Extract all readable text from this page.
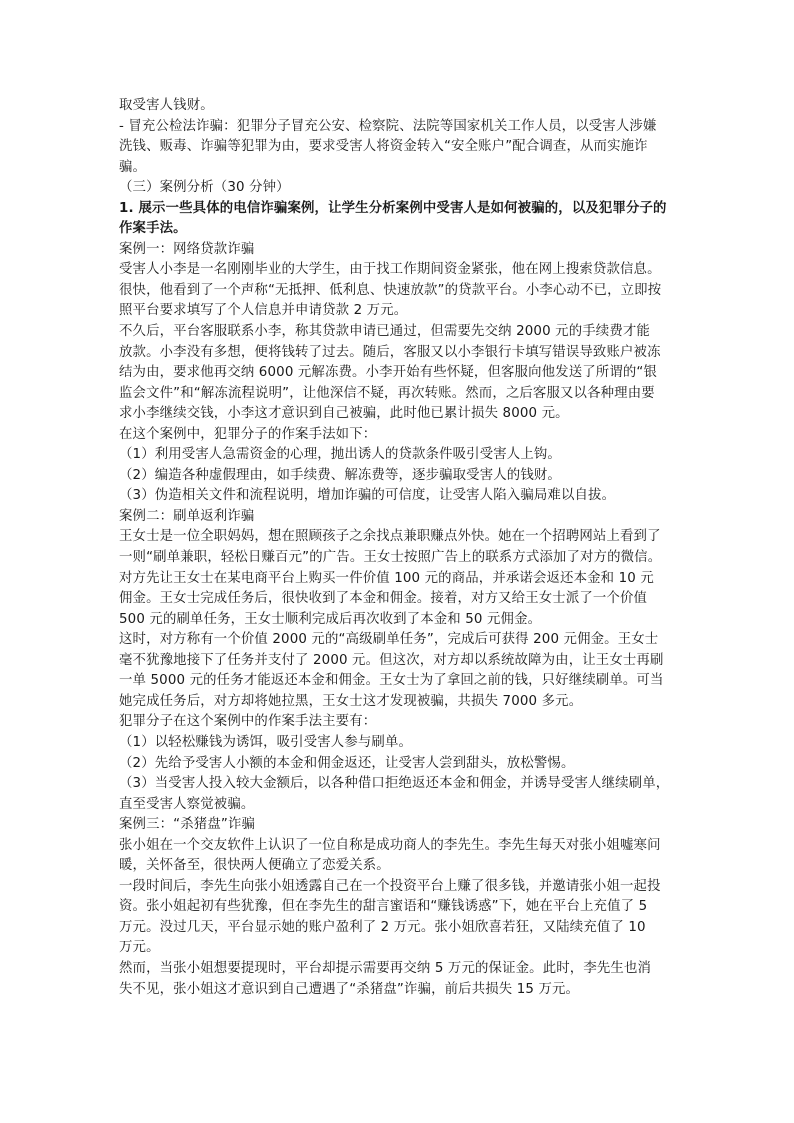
取受害人钱财。
- 冒充公检法诈骗：犯罪分子冒充公安、检察院、法院等国家机关工作人员，以受害人涉嫌
洗钱、贩毒、诈骗等犯罪为由，要求受害人将资金转入“安全账户”配合调查，从而实施诈
骗。
（三）案例分析（30 分钟）
1. 展示一些具体的电信诈骗案例，让学生分析案例中受害人是如何被骗的，以及犯罪分子的
作案手法。
案例一：网络贷款诈骗
受害人小李是一名刚刚毕业的大学生，由于找工作期间资金紧张，他在网上搜索贷款信息。
很快，他看到了一个声称“无抵押、低利息、快速放款”的贷款平台。小李心动不已，立即按
照平台要求填写了个人信息并申请贷款 2 万元。
不久后，平台客服联系小李，称其贷款申请已通过，但需要先交纳 2000 元的手续费才能
放款。小李没有多想，便将钱转了过去。随后，客服又以小李银行卡填写错误导致账户被冻
结为由，要求他再交纳 6000 元解冻费。小李开始有些怀疑，但客服向他发送了所谓的“银
监会文件”和“解冻流程说明”，让他深信不疑，再次转账。然而，之后客服又以各种理由要
求小李继续交钱，小李这才意识到自己被骗，此时他已累计损失 8000 元。
在这个案例中，犯罪分子的作案手法如下：
（1）利用受害人急需资金的心理，抛出诱人的贷款条件吸引受害人上钩。
（2）编造各种虚假理由，如手续费、解冻费等，逐步骗取受害人的钱财。
（3）伪造相关文件和流程说明，增加诈骗的可信度，让受害人陷入骗局难以自拔。
案例二：刷单返利诈骗
王女士是一位全职妈妈，想在照顾孩子之余找点兼职赚点外快。她在一个招聘网站上看到了
一则“刷单兼职，轻松日赚百元”的广告。王女士按照广告上的联系方式添加了对方的微信。
对方先让王女士在某电商平台上购买一件价值 100 元的商品，并承诺会返还本金和 10 元
佣金。王女士完成任务后，很快收到了本金和佣金。接着，对方又给王女士派了一个价值
500 元的刷单任务，王女士顺利完成后再次收到了本金和 50 元佣金。
这时，对方称有一个价值 2000 元的“高级刷单任务”，完成后可获得 200 元佣金。王女士
毫不犹豫地接下了任务并支付了 2000 元。但这次，对方却以系统故障为由，让王女士再刷
一单 5000 元的任务才能返还本金和佣金。王女士为了拿回之前的钱，只好继续刷单。可当
她完成任务后，对方却将她拉黑，王女士这才发现被骗，共损失 7000 多元。
犯罪分子在这个案例中的作案手法主要有：
（1）以轻松赚钱为诱饵，吸引受害人参与刷单。
（2）先给予受害人小额的本金和佣金返还，让受害人尝到甜头，放松警惕。
（3）当受害人投入较大金额后，以各种借口拒绝返还本金和佣金，并诱导受害人继续刷单，
直至受害人察觉被骗。
案例三：“杀猪盘”诈骗
张小姐在一个交友软件上认识了一位自称是成功商人的李先生。李先生每天对张小姐嘘寒问
暖，关怀备至，很快两人便确立了恋爱关系。
一段时间后，李先生向张小姐透露自己在一个投资平台上赚了很多钱，并邀请张小姐一起投
资。张小姐起初有些犹豫，但在李先生的甜言蜜语和“赚钱诱惑”下，她在平台上充值了 5
万元。没过几天，平台显示她的账户盈利了 2 万元。张小姐欣喜若狂，又陆续充值了 10
万元。
然而，当张小姐想要提现时，平台却提示需要再交纳 5 万元的保证金。此时，李先生也消
失不见，张小姐这才意识到自己遭遇了“杀猪盘”诈骗，前后共损失 15 万元。
